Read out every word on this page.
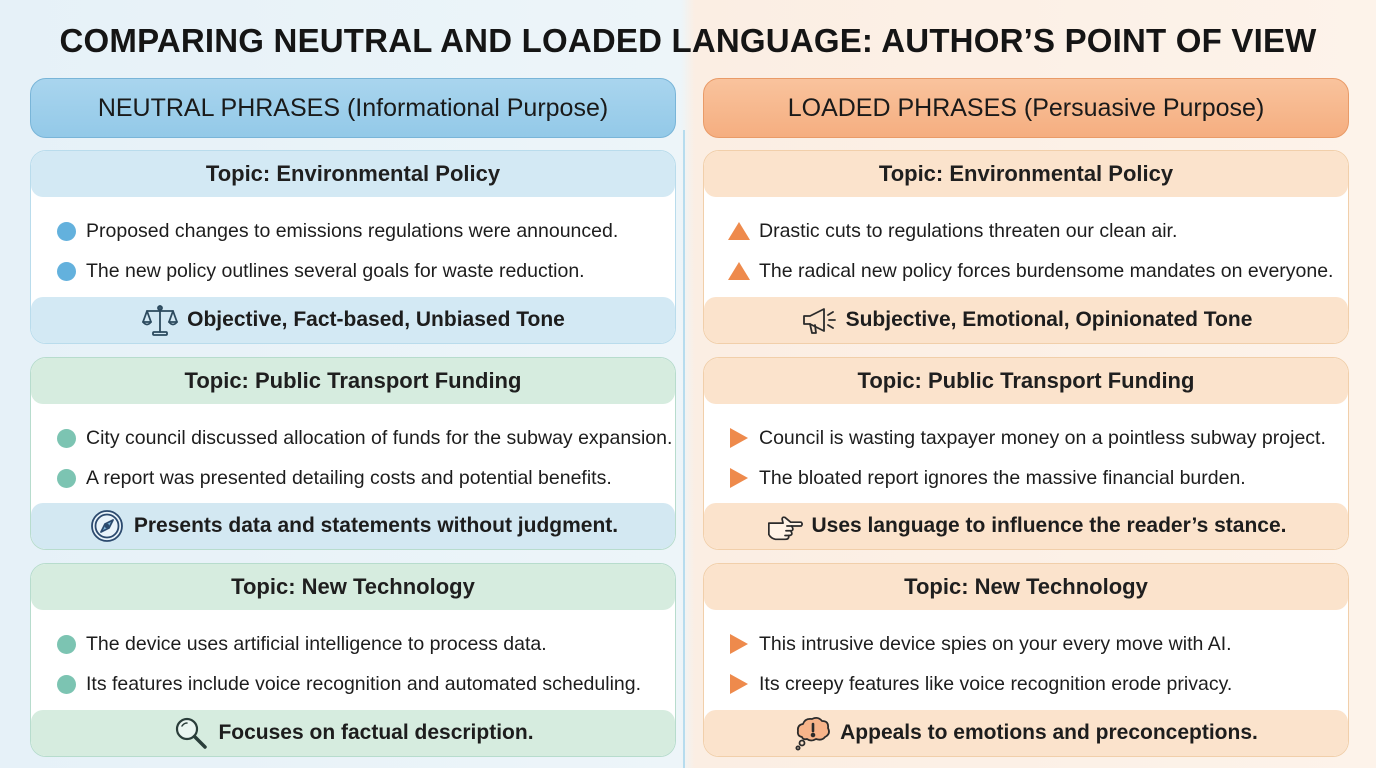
COMPARING NEUTRAL AND LOADED LANGUAGE: AUTHOR’S POINT OF VIEW
NEUTRAL PHRASES (Informational Purpose)
Topic: Environmental Policy
Proposed changes to emissions regulations were announced.
The new policy outlines several goals for waste reduction.
Objective, Fact-based, Unbiased Tone
Topic: Public Transport Funding
City council discussed allocation of funds for the subway expansion.
A report was presented detailing costs and potential benefits.
Presents data and statements without judgment.
Topic: New Technology
The device uses artificial intelligence to process data.
Its features include voice recognition and automated scheduling.
Focuses on factual description.
LOADED PHRASES (Persuasive Purpose)
Topic: Environmental Policy
Drastic cuts to regulations threaten our clean air.
The radical new policy forces burdensome mandates on everyone.
Subjective, Emotional, Opinionated Tone
Topic: Public Transport Funding
Council is wasting taxpayer money on a pointless subway project.
The bloated report ignores the massive financial burden.
Uses language to influence the reader’s stance.
Topic: New Technology
This intrusive device spies on your every move with AI.
Its creepy features like voice recognition erode privacy.
Appeals to emotions and preconceptions.
